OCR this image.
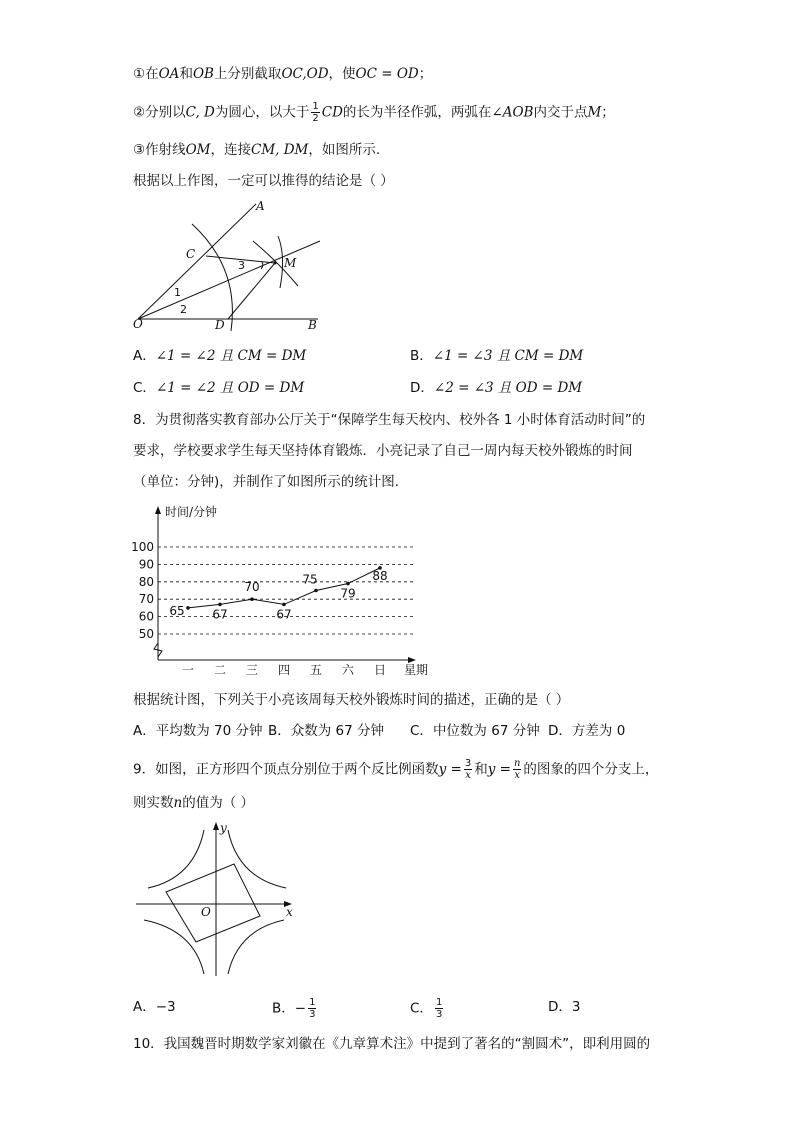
①在OA和OB上分别截取OC,OD，使OC = OD；
②分别以C, D为圆心，以大于 $\frac{1}{2}$ CD的长为半径作弧，两弧在∠AOB内交于点M；
③作射线OM，连接CM, DM，如图所示.
根据以上作图，一定可以推得的结论是（ ）
A
C
M
O	D	B
1
2
3
A．∠1 = ∠2 且 CM = DM	B．∠1 = ∠3 且 CM = DM
C．∠1 = ∠2 且 OD = DM	D．∠2 = ∠3 且 OD = DM
8．为贯彻落实教育部办公厅关于“保障学生每天校内、校外各 1 小时体育活动时间”的
要求，学校要求学生每天坚持体育锻炼．小亮记录了自己一周内每天校外锻炼的时间
（单位：分钟)，并制作了如图所示的统计图．
时间/分钟
星期
50
60
70
80
90
100
一 二 三 四 五 六 日
65 67
70
67
75
79
88
根据统计图，下列关于小亮该周每天校外锻炼时间的描述，正确的是（ ）
A．平均数为 70 分钟 B．众数为 67 分钟 C．中位数为 67 分钟 D．方差为 0
9．如图，正方形四个顶点分别位于两个反比例函数$y = \frac{3}{x}$ 和$y = \frac{n}{x}$ 的图象的四个分支上，
则实数n的值为（ ）
y
x
O
A．−3	B．− $\frac{1}{3}$	C． $\frac{1}{3}$	D．3
10．我国魏晋时期数学家刘徽在《九章算术注》中提到了著名的“割圆术”，即利用圆的
